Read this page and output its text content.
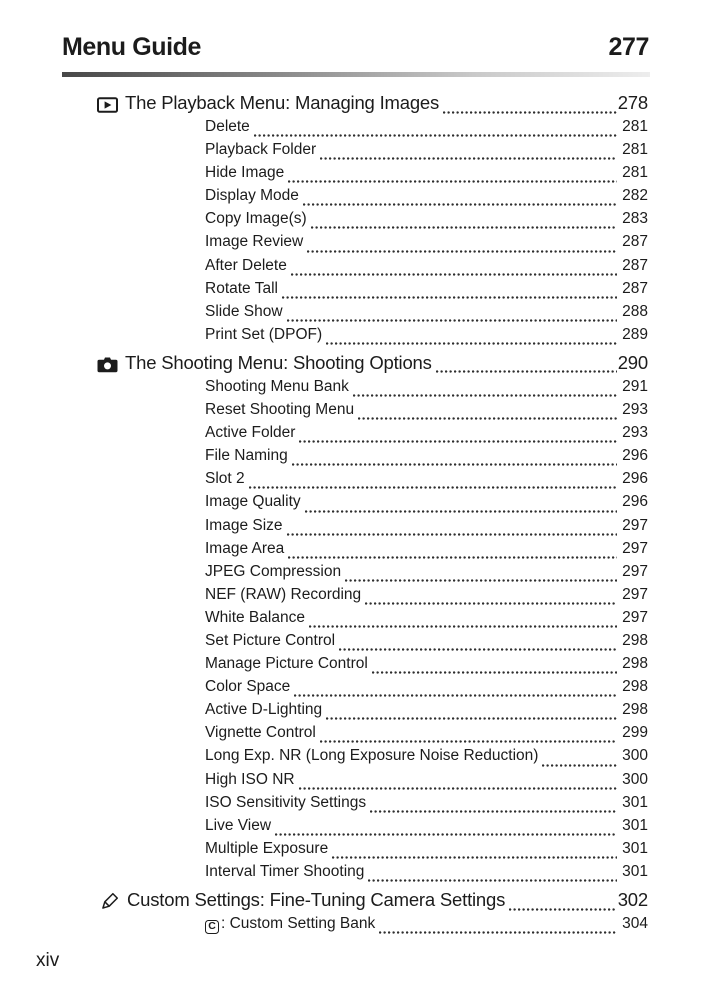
Menu Guide	277
The Playback Menu: Managing Images	278
Delete	281
Playback Folder	281
Hide Image	281
Display Mode	282
Copy Image(s)	283
Image Review	287
After Delete	287
Rotate Tall	287
Slide Show	288
Print Set (DPOF)	289
The Shooting Menu: Shooting Options	290
Shooting Menu Bank	291
Reset Shooting Menu	293
Active Folder	293
File Naming	296
Slot 2	296
Image Quality	296
Image Size	297
Image Area	297
JPEG Compression	297
NEF (RAW) Recording	297
White Balance	297
Set Picture Control	298
Manage Picture Control	298
Color Space	298
Active D-Lighting	298
Vignette Control	299
Long Exp. NR (Long Exposure Noise Reduction)	300
High ISO NR	300
ISO Sensitivity Settings	301
Live View	301
Multiple Exposure	301
Interval Timer Shooting	301
Custom Settings: Fine-Tuning Camera Settings	302
C : Custom Setting Bank	304
xiv
